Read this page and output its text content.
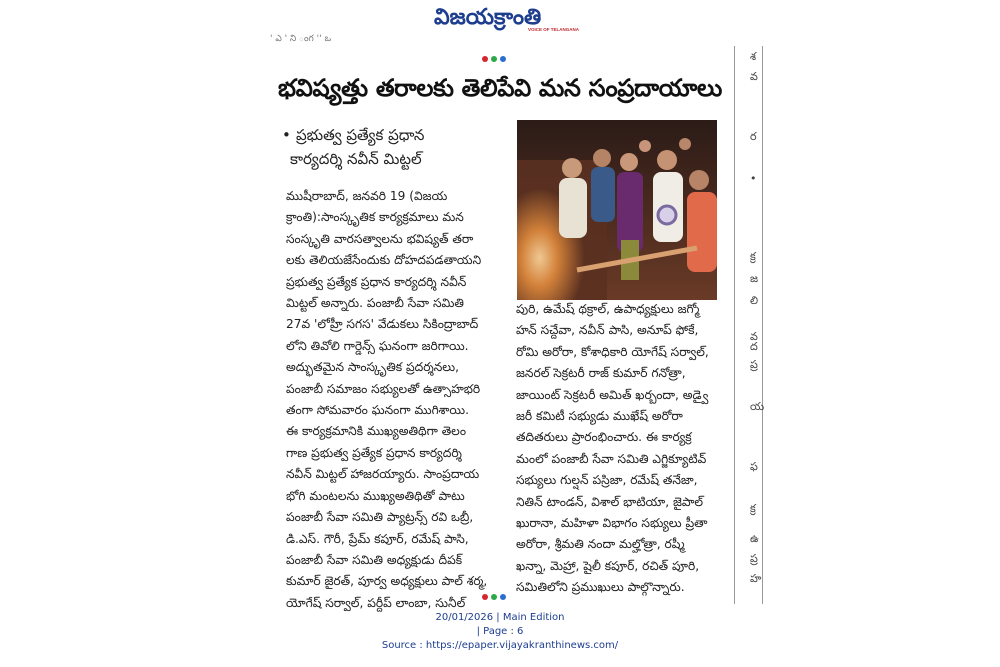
విజయక్రాంతి
VOICE OF TELANGANA
' ఎ ' ని ంగ '' ఒ
భవిష్యత్తు తరాలకు తెలిపేవి మన సంప్రదాయాలు
• ప్రభుత్వ ప్రత్యేక ప్రధాన
కార్యదర్శి నవీన్ మిట్టల్
ముషీరాబాద్, జనవరి 19 (విజయ
క్రాంతి):సాంస్కృతిక కార్యక్రమాలు మన
సంస్కృతి వారసత్వాలను భవిష్యత్ తరా
లకు తెలియజేసేందుకు దోహదపడతాయని
ప్రభుత్వ ప్రత్యేక ప్రధాన కార్యదర్శి నవీన్
మిట్టల్ అన్నారు. పంజాబీ సేవా సమితి
27వ 'లోహ్రీ సగస' వేడుకలు సికింద్రాబాద్
లోని తివోలి గార్డెన్స్ ఘనంగా జరిగాయి.
అద్భుతమైన సాంస్కృతిక ప్రదర్శనలు,
పంజాబీ సమాజం సభ్యులతో ఉత్సాహభరి
తంగా సోమవారం ఘనంగా ముగిశాయి.
ఈ కార్యక్రమానికి ముఖ్యఅతిథిగా తెలం
గాణ ప్రభుత్వ ప్రత్యేక ప్రధాన కార్యదర్శి
నవీన్ మిట్టల్ హాజరయ్యారు. సాంప్రదాయ
భోగి మంటలను ముఖ్యఅతిథితో పాటు
పంజాబీ సేవా సమితి ప్యాట్రన్స్ రవి ఒబ్రీ,
డి.ఎస్. గౌరీ, ప్రేమ్ కపూర్, రమేష్ పాసి,
పంజాబీ సేవా సమితి అధ్యక్షుడు దీపక్
కుమార్ జైరత్, పూర్వ అధ్యక్షులు పాల్ శర్మ,
యోగేష్ సర్వాల్, పర్దీప్ లాంబా, సునీల్
పురి, ఉమేష్ థక్రాల్, ఉపాధ్యక్షులు జగ్మో
హన్ సచ్దేవా, నవీన్ పాసి, అనూప్ ఫోకే,
రోమి అరోరా, కోశాధికారి యోగేష్ సర్వాల్,
జనరల్ సెక్రటరీ రాజ్ కుమార్ గనోత్రా,
జాయింట్ సెక్రటరీ అమిత్ ఖర్బందా, అడ్వై
జరీ కమిటీ సభ్యుడు ముఖేష్ అరోరా
తదితరులు ప్రారంభించారు. ఈ కార్యక్ర
మంలో పంజాబీ సేవా సమితి ఎగ్జిక్యూటివ్
సభ్యులు గుల్షన్ పస్రిజా, రమేష్ తనేజా,
నితిన్ టాండన్, విశాల్ భాటియా, జైపాల్
ఖురానా, మహిళా విభాగం సభ్యులు ప్రీతా
అరోరా, శ్రీమతి నందా మల్హోత్రా, రష్మీ
ఖన్నా, మెహ్రా, షైలీ కపూర్, రచిత్ పూరి,
సమితిలోని ప్రముఖులు పాల్గొన్నారు.
శ
వ
ర
•
క్ర
జ
లి
వ
ద
ప్ర
య
ఫ
క్ర
ఉ
ప్ర
హ
20/01/2026 | Main Edition
| Page : 6
Source : https://epaper.vijayakranthinews.com/
